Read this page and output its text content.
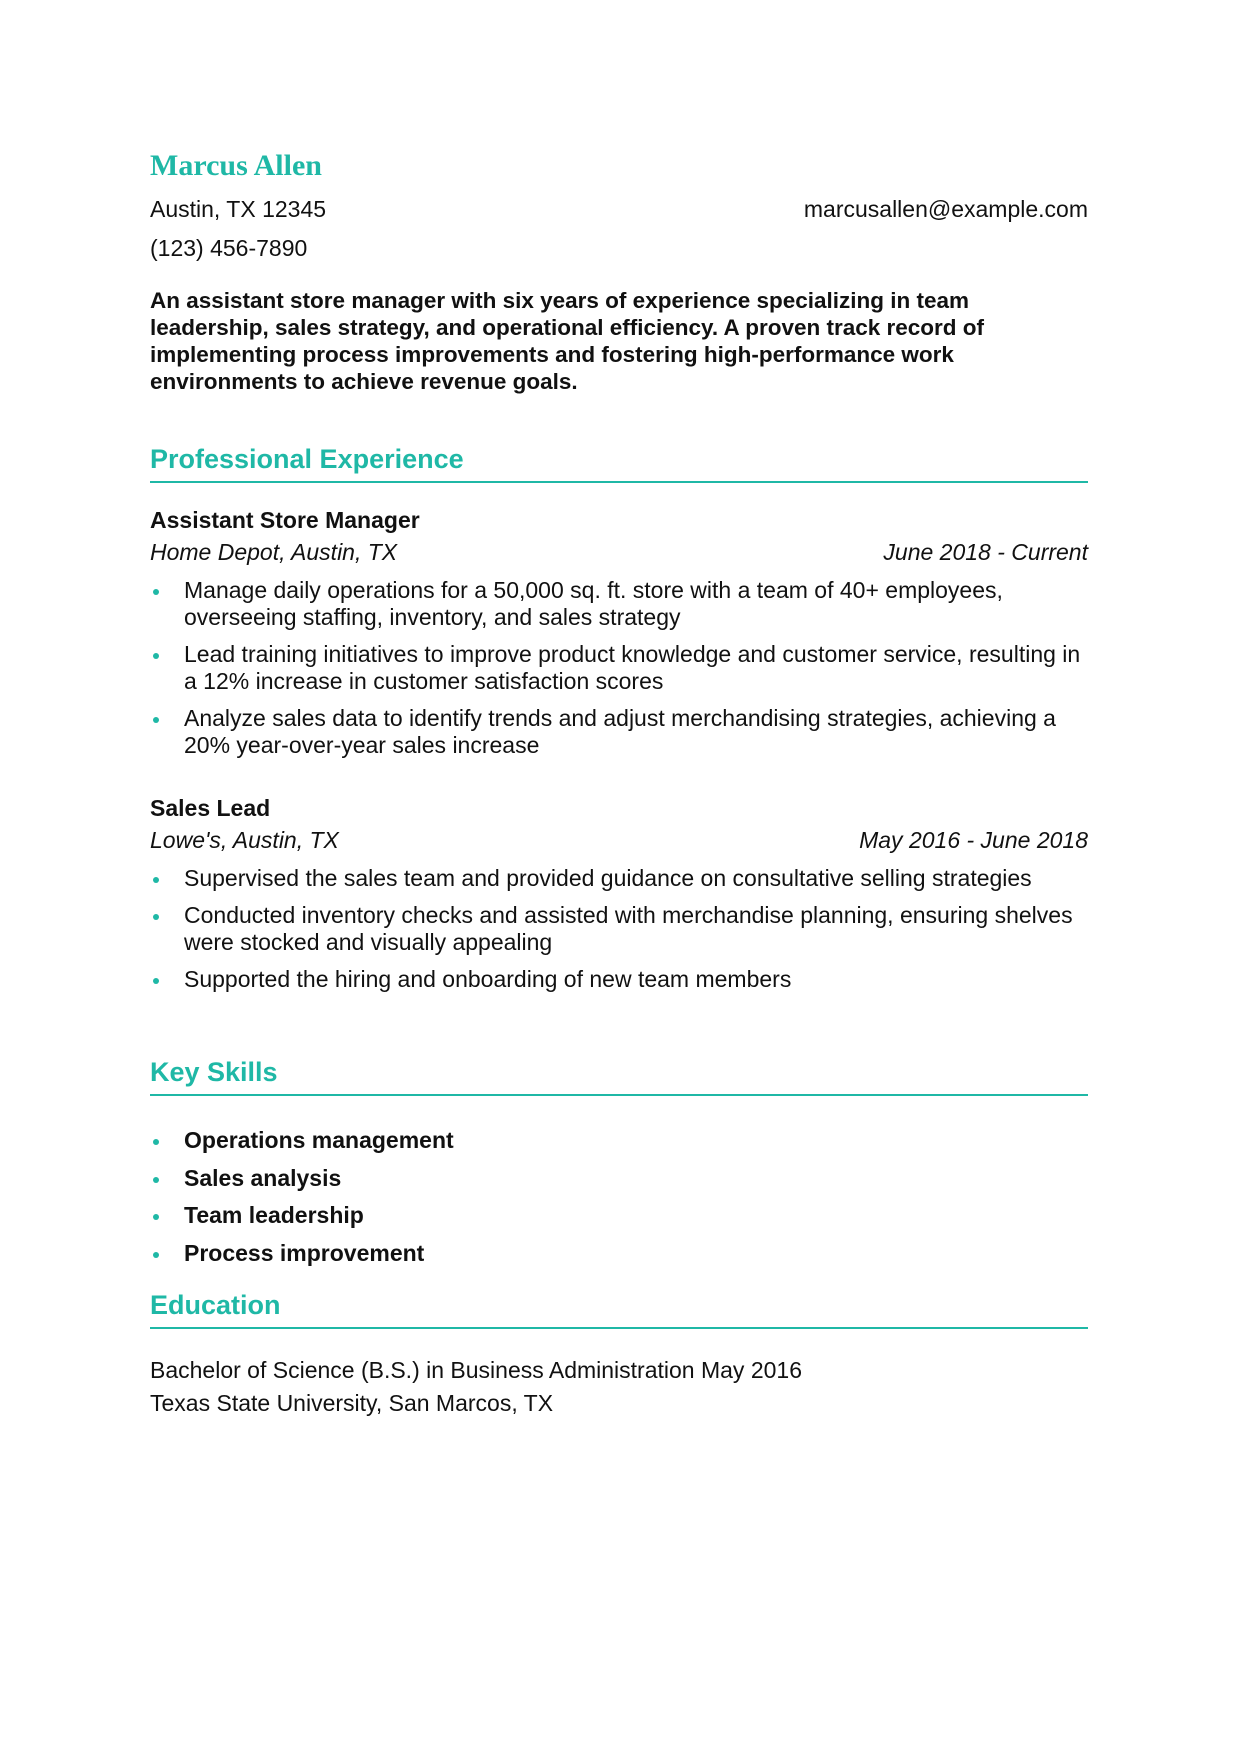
Marcus Allen
Austin, TX 12345	marcusallen@example.com
(123) 456-7890

An assistant store manager with six years of experience specializing in team leadership, sales strategy, and operational efficiency. A proven track record of implementing process improvements and fostering high-performance work environments to achieve revenue goals.

Professional Experience
Assistant Store Manager
Home Depot, Austin, TX	June 2018 - Current
Manage daily operations for a 50,000 sq. ft. store with a team of 40+ employees, overseeing staffing, inventory, and sales strategy
Lead training initiatives to improve product knowledge and customer service, resulting in a 12% increase in customer satisfaction scores
Analyze sales data to identify trends and adjust merchandising strategies, achieving a 20% year-over-year sales increase
Sales Lead
Lowe's, Austin, TX	May 2016 - June 2018
Supervised the sales team and provided guidance on consultative selling strategies
Conducted inventory checks and assisted with merchandise planning, ensuring shelves were stocked and visually appealing
Supported the hiring and onboarding of new team members
Key Skills
Operations management
Sales analysis
Team leadership
Process improvement
Education
Bachelor of Science (B.S.) in Business Administration May 2016
Texas State University, San Marcos, TX
